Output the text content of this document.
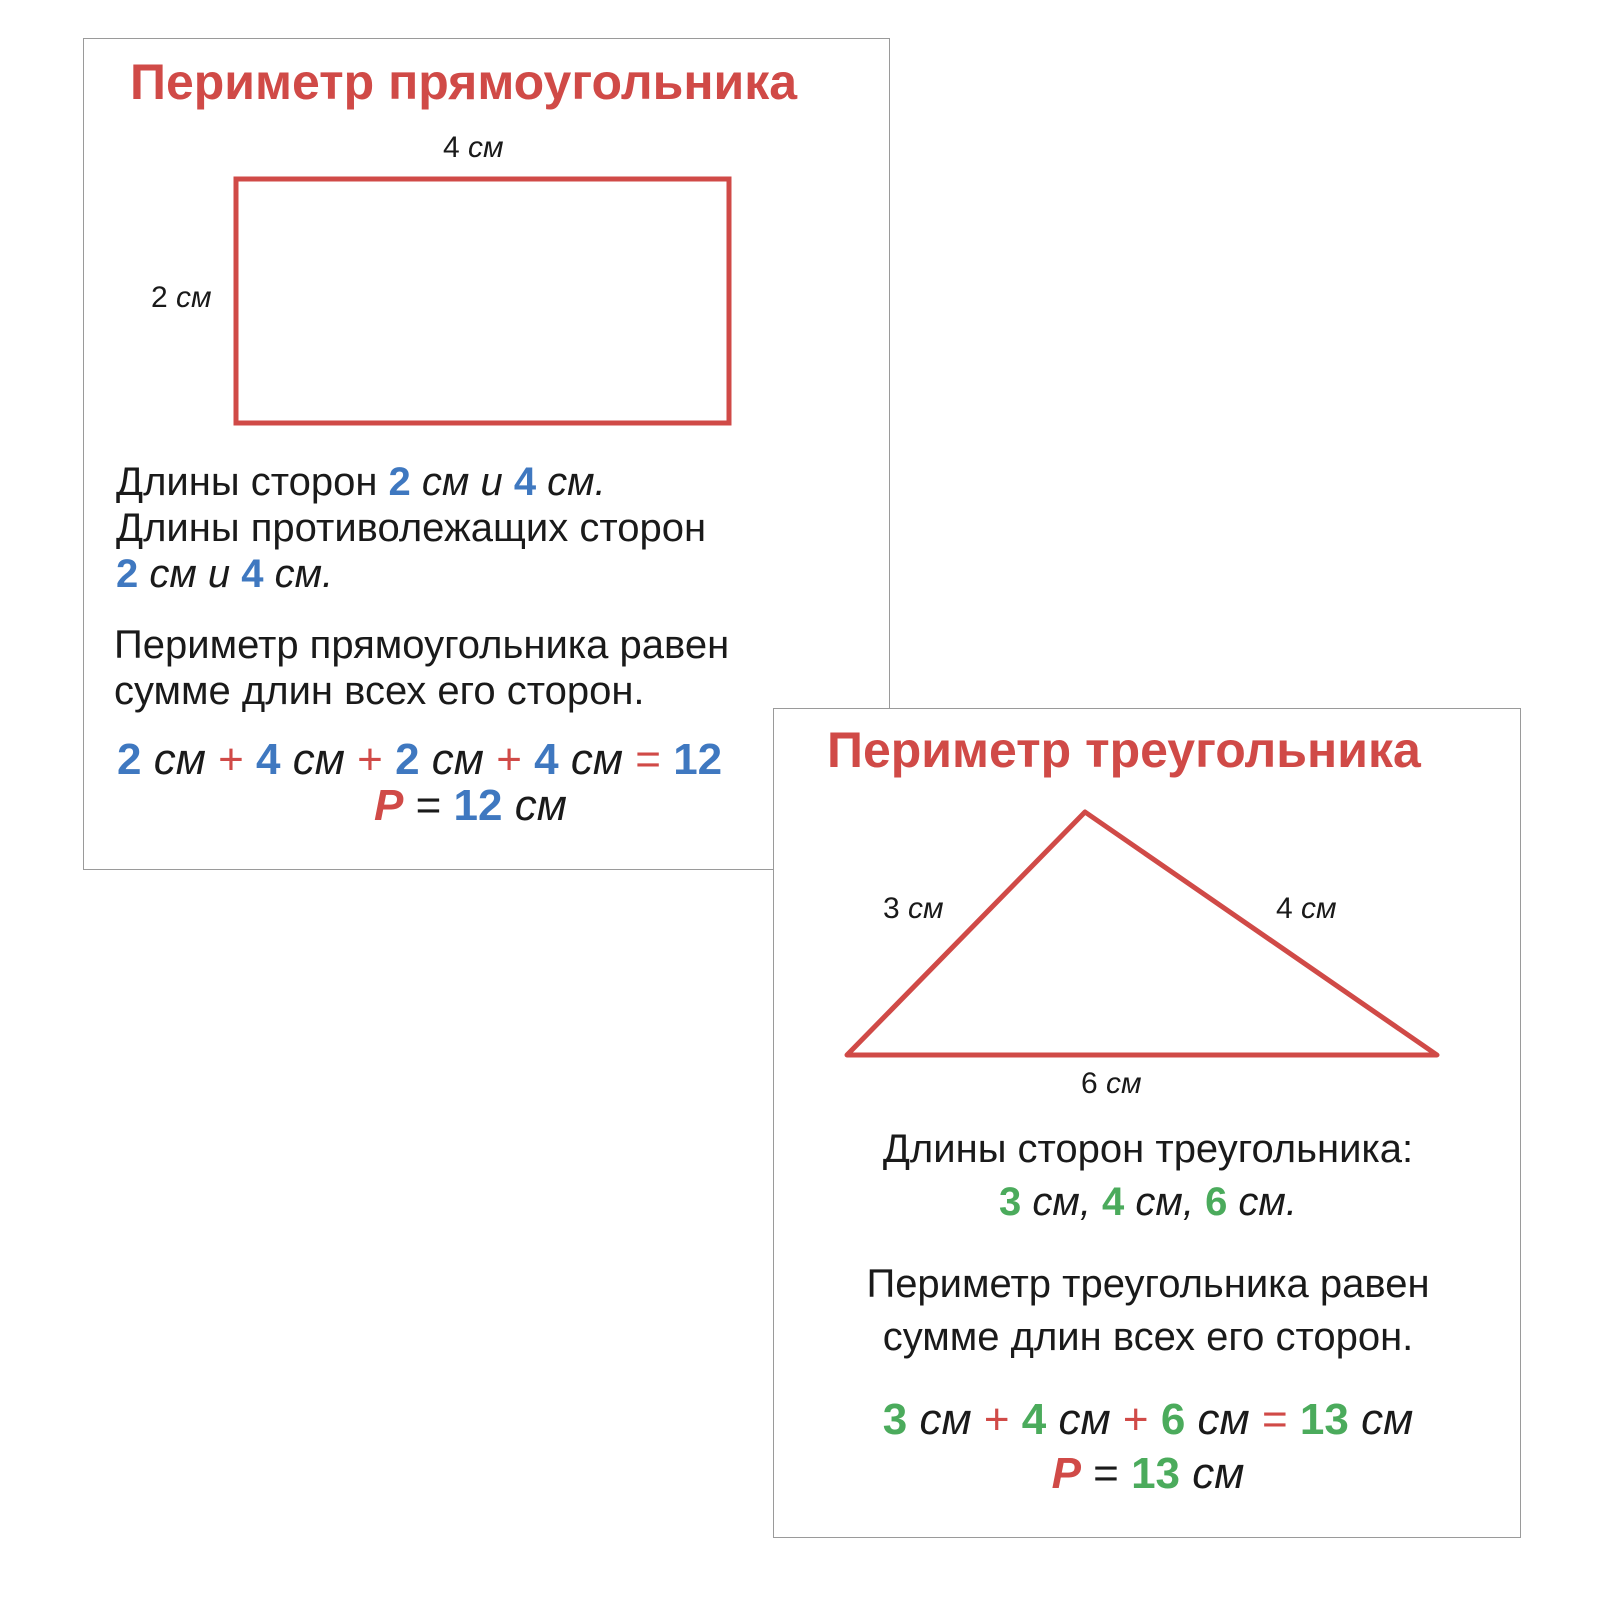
Периметр прямоугольника
4 см
2 см
Длины сторон 2 см и 4 см.
Длины противолежащих сторон
2 см и 4 см.
Периметр прямоугольника равен
сумме длин всех его сторон.
2 см + 4 см + 2 см + 4 см = 12
P = 12 см
Периметр треугольника
3 см	4 см
6 см
Длины сторон треугольника:
3 см, 4 см, 6 см.
Периметр треугольника равен
сумме длин всех его сторон.
3 см + 4 см + 6 см = 13 см
P = 13 см
